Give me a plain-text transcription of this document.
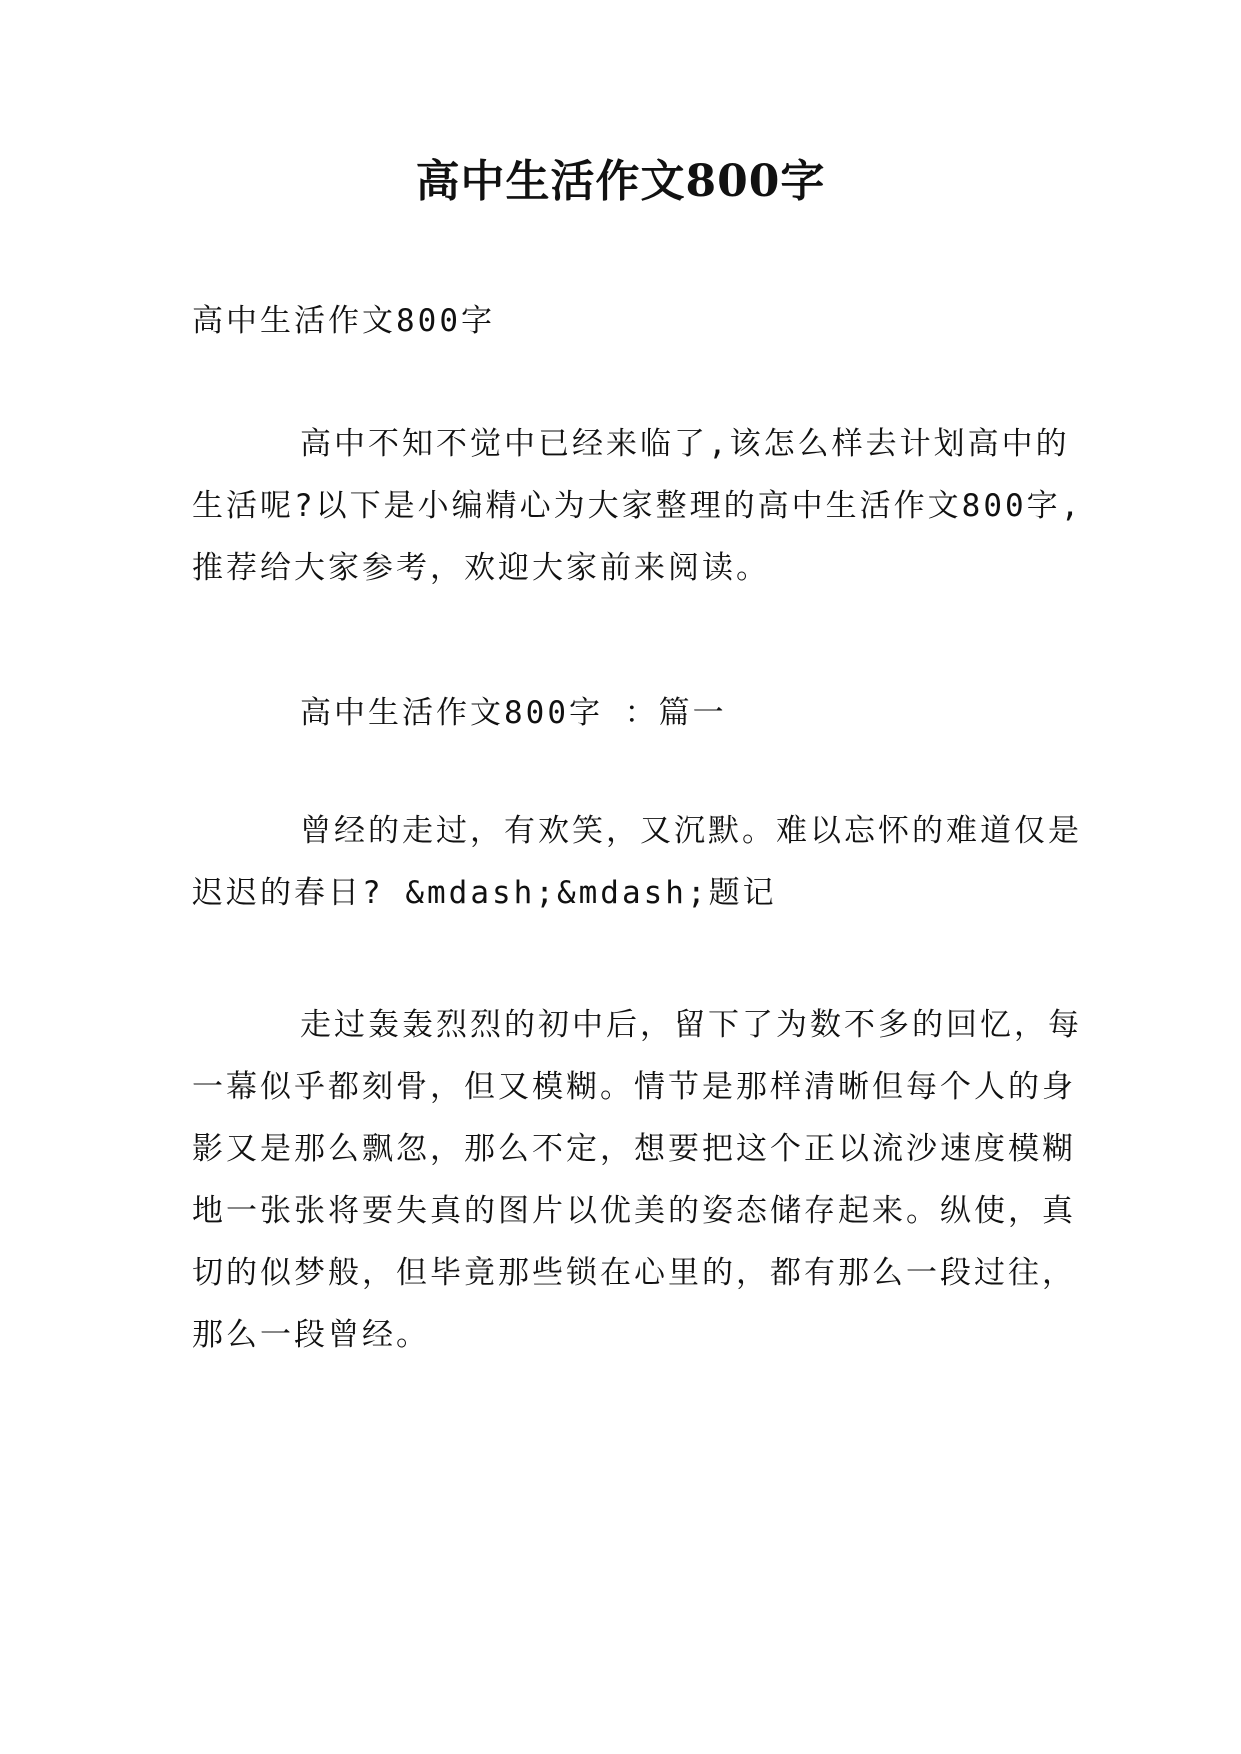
高中生活作文800字
高中生活作文800字
高中不知不觉中已经来临了,该怎么样去计划高中的
生活呢?以下是小编精心为大家整理的高中生活作文800字,
推荐给大家参考，欢迎大家前来阅读。
高中生活作文800字 ：篇一
曾经的走过，有欢笑，又沉默。难以忘怀的难道仅是
迟迟的春日? &mdash;&mdash;题记
走过轰轰烈烈的初中后，留下了为数不多的回忆，每
一幕似乎都刻骨，但又模糊。情节是那样清晰但每个人的身
影又是那么飘忽，那么不定，想要把这个正以流沙速度模糊
地一张张将要失真的图片以优美的姿态储存起来。纵使，真
切的似梦般，但毕竟那些锁在心里的，都有那么一段过往，
那么一段曾经。
